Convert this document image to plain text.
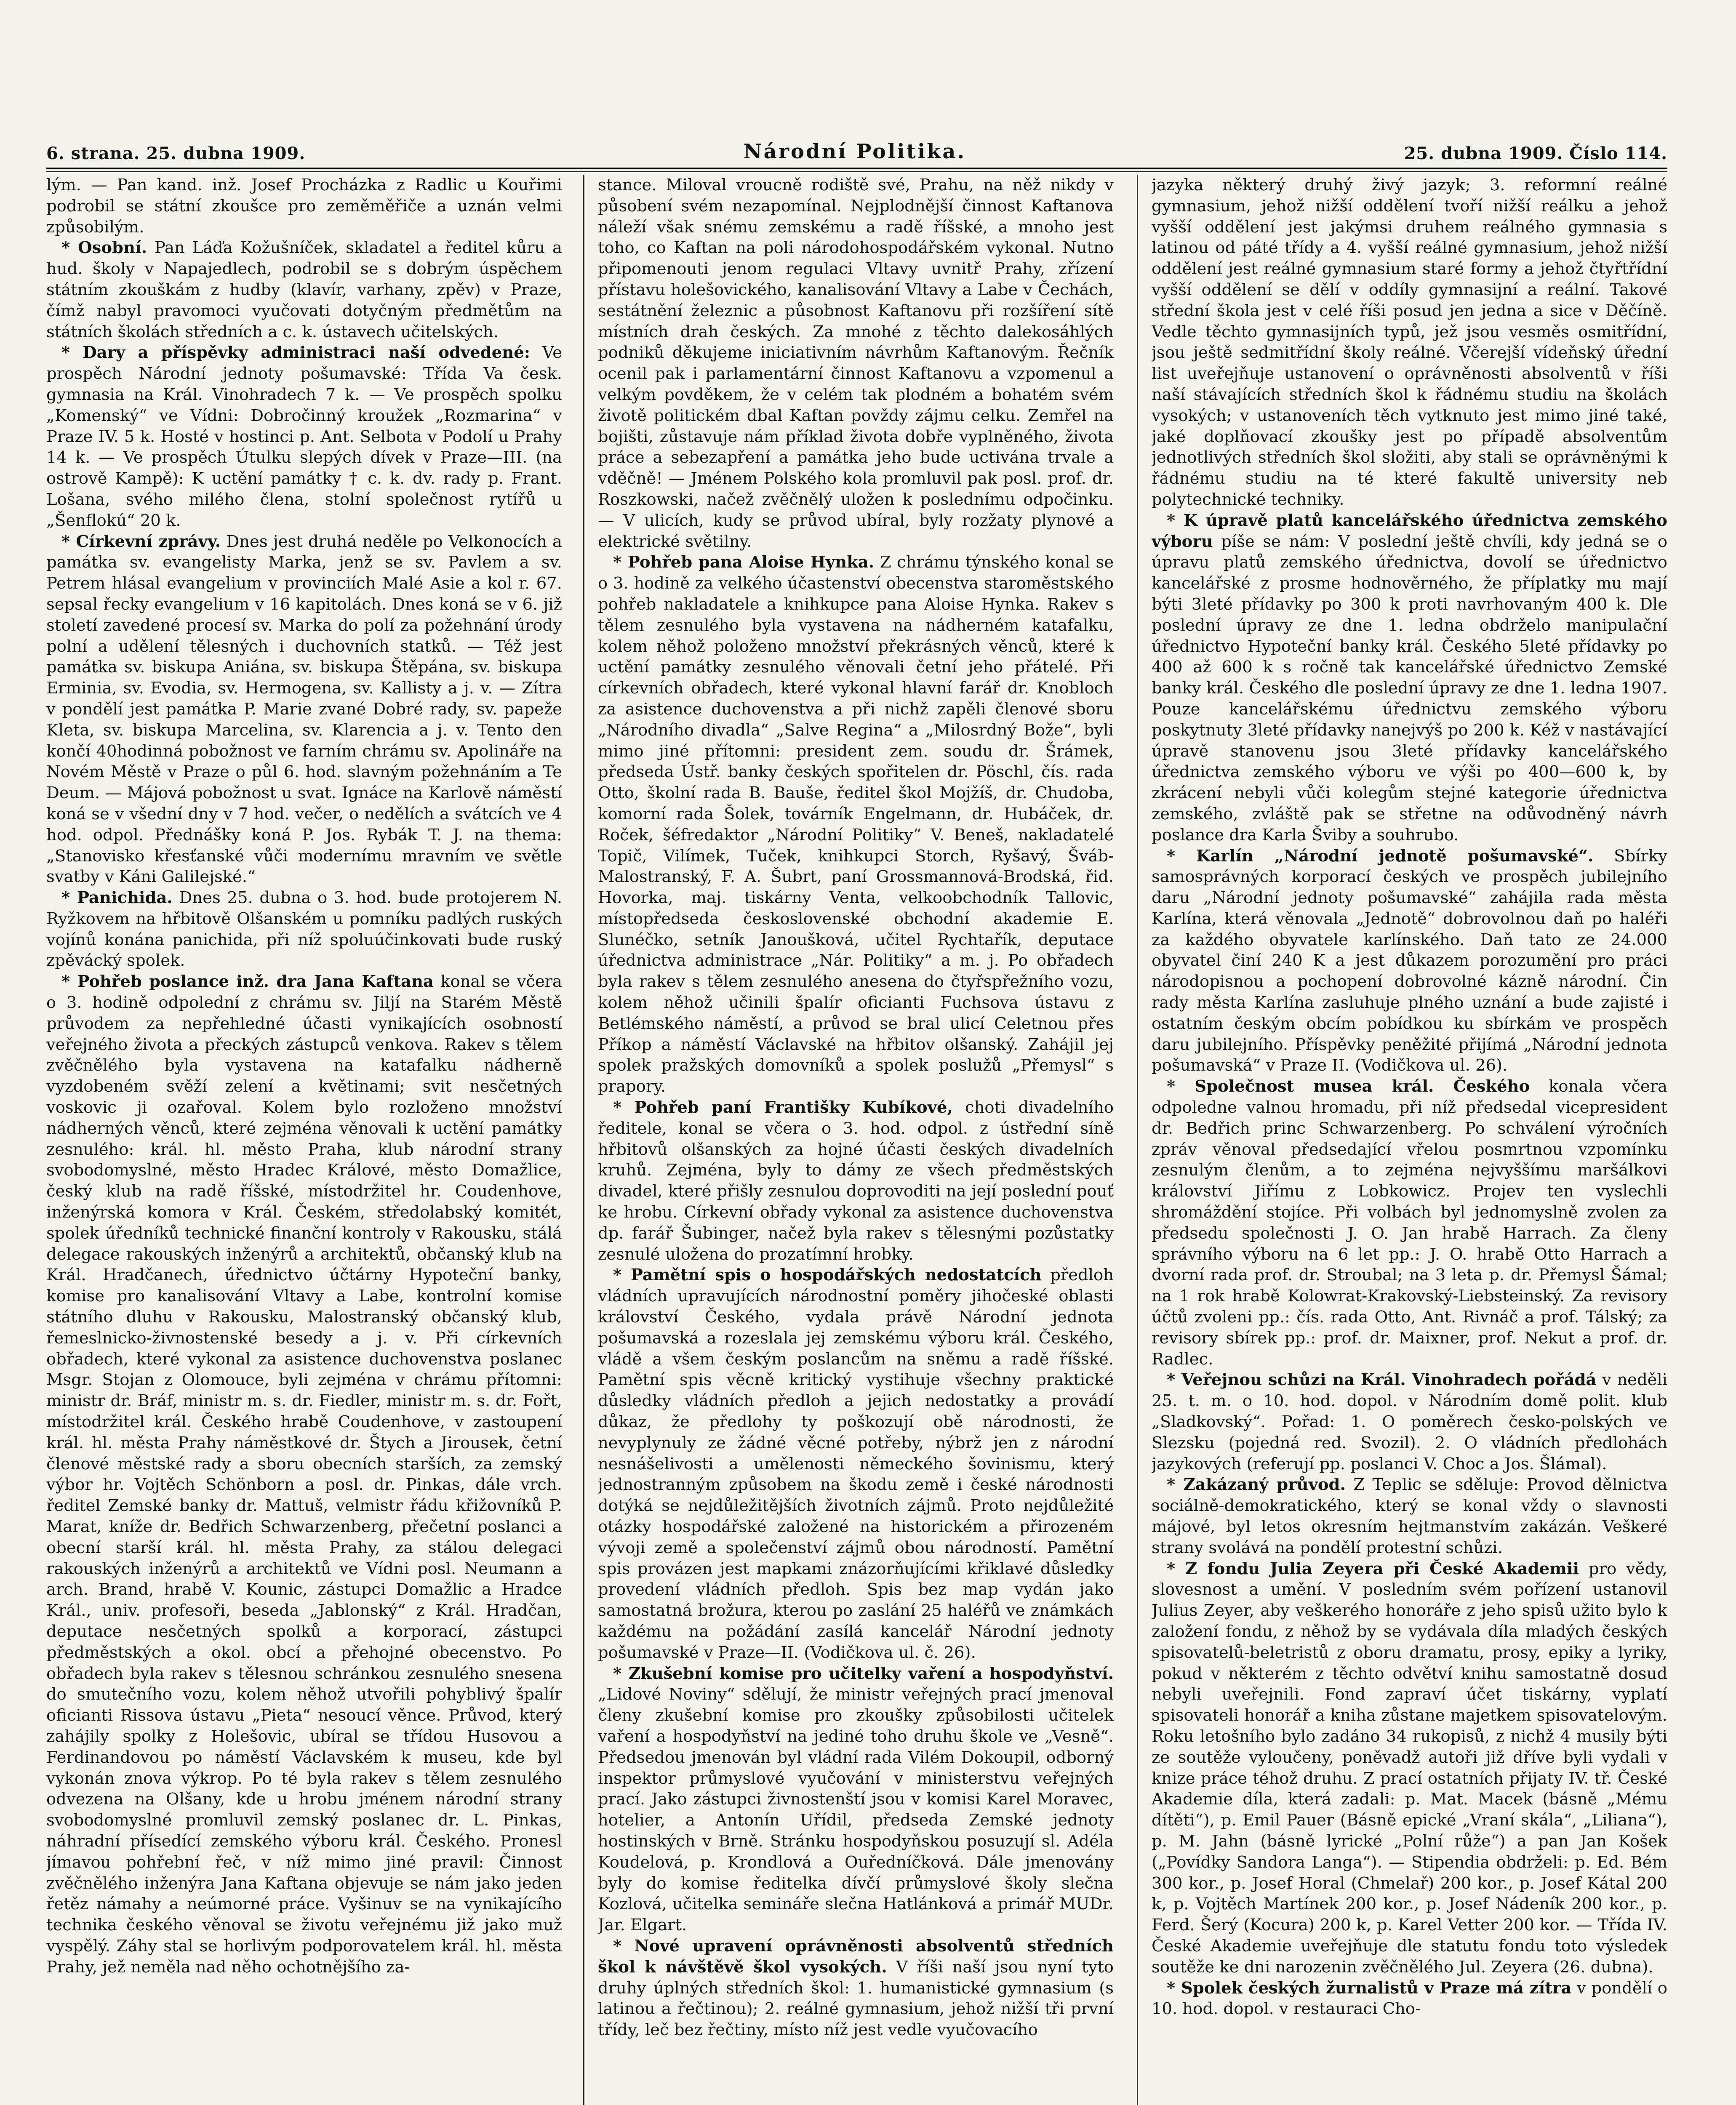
6. strana. 25. dubna 1909.	Národní Politika.	25. dubna 1909. Číslo 114.

lým. — Pan kand. inž. Josef Procházka z Radlic u Kouřimi podrobil se státní zkoušce pro zeměměřiče a uznán velmi způsobilým.

* Osobní. Pan Láďa Kožušníček, skladatel a ředitel kůru a hud. školy v Napajedlech, podrobil se s dobrým úspěchem státním zkouškám z hudby (klavír, varhany, zpěv) v Praze, čímž nabyl pravomoci vyučovati dotyčným předmětům na státních školách středních a c. k. ústavech učitelských.

* Dary a příspěvky administraci naší odvedené: Ve prospěch Národní jednoty pošumavské: Třída Va česk. gymnasia na Král. Vinohradech 7 k. — Ve prospěch spolku „Komenský“ ve Vídni: Dobročinný kroužek „Rozmarina“ v Praze IV. 5 k. Hosté v hostinci p. Ant. Selbota v Podolí u Prahy 14 k. — Ve prospěch Útulku slepých dívek v Praze—III. (na ostrově Kampě): K uctění památky † c. k. dv. rady p. Frant. Lošana, svého milého člena, stolní společnost rytířů u „Šenflokú“ 20 k.

* Církevní zprávy. Dnes jest druhá neděle po Velkonocích a památka sv. evangelisty Marka, jenž se sv. Pavlem a sv. Petrem hlásal evangelium v provinciích Malé Asie a kol r. 67. sepsal řecky evangelium v 16 kapitolách. Dnes koná se v 6. již století zavedené procesí sv. Marka do polí za požehnání úrody polní a udělení tělesných i duchovních statků. — Též jest památka sv. biskupa Aniána, sv. biskupa Štěpána, sv. biskupa Erminia, sv. Evodia, sv. Hermogena, sv. Kallisty a j. v. — Zítra v pondělí jest památka P. Marie zvané Dobré rady, sv. papeže Kleta, sv. biskupa Marcelina, sv. Klarencia a j. v. Tento den končí 40hodinná pobožnost ve farním chrámu sv. Apolináře na Novém Městě v Praze o půl 6. hod. slavným požehnáním a Te Deum. — Májová pobožnost u svat. Ignáce na Karlově náměstí koná se v všední dny v 7 hod. večer, o nedělích a svátcích ve 4 hod. odpol. Přednášky koná P. Jos. Rybák T. J. na thema: „Stanovisko křesťanské vůči modernímu mravním ve světle svatby v Káni Galilejské.“

* Panichida. Dnes 25. dubna o 3. hod. bude protojerem N. Ryžkovem na hřbitově Olšanském u pomníku padlých ruských vojínů konána panichida, při níž spoluúčinkovati bude ruský zpěvácký spolek.

* Pohřeb poslance inž. dra Jana Kaftana konal se včera o 3. hodině odpolední z chrámu sv. Jiljí na Starém Městě průvodem za nepřehledné účasti vynikajících osobností veřejného života a přeckých zástupců venkova. Rakev s tělem zvěčnělého byla vystavena na katafalku nádherně vyzdobeném svěží zelení a květinami; svit nesčetných voskovic ji ozařoval. Kolem bylo rozloženo množství nádherných věnců, které zejména věnovali k uctění památky zesnulého: král. hl. město Praha, klub národní strany svobodomyslné, město Hradec Králové, město Domažlice, český klub na radě říšské, místodržitel hr. Coudenhove, inženýrská komora v Král. Českém, středolabský komitét, spolek úředníků technické finanční kontroly v Rakousku, stálá delegace rakouských inženýrů a architektů, občanský klub na Král. Hradčanech, úřednictvo účtárny Hypoteční banky, komise pro kanalisování Vltavy a Labe, kontrolní komise státního dluhu v Rakousku, Malostranský občanský klub, řemeslnicko-živnostenské besedy a j. v. Při církevních obřadech, které vykonal za asistence duchovenstva poslanec Msgr. Stojan z Olomouce, byli zejména v chrámu přítomni: ministr dr. Bráf, ministr m. s. dr. Fiedler, ministr m. s. dr. Fořt, místodržitel král. Českého hrabě Coudenhove, v zastoupení král. hl. města Prahy náměstkové dr. Štych a Jirousek, četní členové městské rady a sboru obecních starších, za zemský výbor hr. Vojtěch Schönborn a posl. dr. Pinkas, dále vrch. ředitel Zemské banky dr. Mattuš, velmistr řádu křižovníků P. Marat, kníže dr. Bedřich Schwarzenberg, přečetní poslanci a obecní starší král. hl. města Prahy, za stálou delegaci rakouských inženýrů a architektů ve Vídni posl. Neumann a arch. Brand, hrabě V. Kounic, zástupci Domažlic a Hradce Král., univ. profesoři, beseda „Jablonský“ z Král. Hradčan, deputace nesčetných spolků a korporací, zástupci předměstských a okol. obcí a přehojné obecenstvo. Po obřadech byla rakev s tělesnou schránkou zesnulého snesena do smutečního vozu, kolem něhož utvořili pohyblivý špalír oficianti Rissova ústavu „Pieta“ nesoucí věnce. Průvod, který zahájily spolky z Holešovic, ubíral se třídou Husovou a Ferdinandovou po náměstí Václavském k museu, kde byl vykonán znova výkrop. Po té byla rakev s tělem zesnulého odvezena na Olšany, kde u hrobu jménem národní strany svobodomyslné promluvil zemský poslanec dr. L. Pinkas, náhradní přísedící zemského výboru král. Českého. Pronesl jímavou pohřební řeč, v níž mimo jiné pravil: Činnost zvěčnělého inženýra Jana Kaftana objevuje se nám jako jeden řetěz námahy a neúmorné práce. Vyšinuv se na vynikajícího technika českého věnoval se životu veřejnému již jako muž vyspělý. Záhy stal se horlivým podporovatelem král. hl. města Prahy, jež neměla nad něho ochotnějšího za-

stance. Miloval vroucně rodiště své, Prahu, na něž nikdy v působení svém nezapomínal. Nejplodnější činnost Kaftanova náleží však snému zemskému a radě říšské, a mnoho jest toho, co Kaftan na poli národohospodářském vykonal. Nutno připomenouti jenom regulaci Vltavy uvnitř Prahy, zřízení přístavu holešovického, kanalisování Vltavy a Labe v Čechách, sestátnění železnic a působnost Kaftanovu při rozšíření sítě místních drah českých. Za mnohé z těchto dalekosáhlých podniků děkujeme iniciativním návrhům Kaftanovým. Řečník ocenil pak i parlamentární činnost Kaftanovu a vzpomenul a velkým povděkem, že v celém tak plodném a bohatém svém životě politickém dbal Kaftan povždy zájmu celku. Zemřel na bojišti, zůstavuje nám příklad života dobře vyplněného, života práce a sebezapření a památka jeho bude uctivána trvale a vděčně! — Jménem Polského kola promluvil pak posl. prof. dr. Roszkowski, načež zvěčnělý uložen k poslednímu odpočinku. — V ulicích, kudy se průvod ubíral, byly rozžaty plynové a elektrické světilny.

* Pohřeb pana Aloise Hynka. Z chrámu týnského konal se o 3. hodině za velkého účastenství obecenstva staroměstského pohřeb nakladatele a knihkupce pana Aloise Hynka. Rakev s tělem zesnulého byla vystavena na nádherném katafalku, kolem něhož položeno množství překrásných věnců, které k uctění památky zesnulého věnovali četní jeho přátelé. Při církevních obřadech, které vykonal hlavní farář dr. Knobloch za asistence duchovenstva a při nichž zapěli členové sboru „Národního divadla“ „Salve Regina“ a „Milosrdný Bože“, byli mimo jiné přítomni: president zem. soudu dr. Šrámek, předseda Ústř. banky českých spořitelen dr. Pöschl, čís. rada Otto, školní rada B. Bauše, ředitel škol Mojžíš, dr. Chudoba, komorní rada Šolek, továrník Engelmann, dr. Hubáček, dr. Roček, šéfredaktor „Národní Politiky“ V. Beneš, nakladatelé Topič, Vilímek, Tuček, knihkupci Storch, Ryšavý, Šváb-Malostranský, F. A. Šubrt, paní Grossmannová-Brodská, řid. Hovorka, maj. tiskárny Venta, velkoobchodník Tallovic, místopředseda československé obchodní akademie E. Slunéčko, setník Janoušková, učitel Rychtařík, deputace úřednictva administrace „Nár. Politiky“ a m. j. Po obřadech byla rakev s tělem zesnulého anesena do čtyřspřežního vozu, kolem něhož učinili špalír oficianti Fuchsova ústavu z Betlémského náměstí, a průvod se bral ulicí Celetnou přes Příkop a náměstí Václavské na hřbitov olšanský. Zahájil jej spolek pražských domovníků a spolek poslužů „Přemysl“ s prapory.

* Pohřeb paní Františky Kubíkové, choti divadelního ředitele, konal se včera o 3. hod. odpol. z ústřední síně hřbitovů olšanských za hojné účasti českých divadelních kruhů. Zejména, byly to dámy ze všech předměstských divadel, které přišly zesnulou doprovoditi na její poslední pouť ke hrobu. Církevní obřady vykonal za asistence duchovenstva dp. farář Šubinger, načež byla rakev s tělesnými pozůstatky zesnulé uložena do prozatímní hrobky.

* Pamětní spis o hospodářských nedostatcích předloh vládních upravujících národnostní poměry jihočeské oblasti království Českého, vydala právě Národní jednota pošumavská a rozeslala jej zemskému výboru král. Českého, vládě a všem českým poslancům na sněmu a radě říšské. Pamětní spis věcně kritický vystihuje všechny praktické důsledky vládních předloh a jejich nedostatky a provádí důkaz, že předlohy ty poškozují obě národnosti, že nevyplynuly ze žádné věcné potřeby, nýbrž jen z národní nesnášelivosti a umělenosti německého šovinismu, který jednostranným způsobem na škodu země i české národnosti dotýká se nejdůležitějších životních zájmů. Proto nejdůležité otázky hospodářské založené na historickém a přirozeném vývoji země a společenství zájmů obou národností. Pamětní spis provázen jest mapkami znázorňujícími křiklavé důsledky provedení vládních předloh. Spis bez map vydán jako samostatná brožura, kterou po zaslání 25 haléřů ve známkách každému na požádání zasílá kancelář Národní jednoty pošumavské v Praze—II. (Vodičkova ul. č. 26).

* Zkušební komise pro učitelky vaření a hospodyňství. „Lidové Noviny“ sdělují, že ministr veřejných prací jmenoval členy zkušební komise pro zkoušky způsobilosti učitelek vaření a hospodyňství na jediné toho druhu škole ve „Vesně“. Předsedou jmenován byl vládní rada Vilém Dokoupil, odborný inspektor průmyslové vyučování v ministerstvu veřejných prací. Jako zástupci živnostenští jsou v komisi Karel Moravec, hotelier, a Antonín Uřídil, předseda Zemské jednoty hostinských v Brně. Stránku hospodyňskou posuzují sl. Adéla Koudelová, p. Krondlová a Ouředníčková. Dále jmenovány byly do komise ředitelka dívčí průmyslové školy slečna Kozlová, učitelka semináře slečna Hatlánková a primář MUDr. Jar. Elgart.

* Nové upravení oprávněnosti absolventů středních škol k návštěvě škol vysokých. V říši naší jsou nyní tyto druhy úplných středních škol: 1. humanistické gymnasium (s latinou a řečtinou); 2. reálné gymnasium, jehož nižší tři první třídy, leč bez řečtiny, místo níž jest vedle vyučovacího

jazyka některý druhý živý jazyk; 3. reformní reálné gymnasium, jehož nižší oddělení tvoří nižší reálku a jehož vyšší oddělení jest jakýmsi druhem reálného gymnasia s latinou od páté třídy a 4. vyšší reálné gymnasium, jehož nižší oddělení jest reálné gymnasium staré formy a jehož čtyřtřídní vyšší oddělení se dělí v oddíly gymnasijní a reální. Takové střední škola jest v celé říši posud jen jedna a sice v Děčíně. Vedle těchto gymnasijních typů, jež jsou vesměs osmitřídní, jsou ještě sedmitřídní školy reálné. Včerejší vídeňský úřední list uveřejňuje ustanovení o oprávněnosti absolventů v říši naší stávajících středních škol k řádnému studiu na školách vysokých; v ustanoveních těch vytknuto jest mimo jiné také, jaké doplňovací zkoušky jest po případě absolventům jednotlivých středních škol složiti, aby stali se oprávněnými k řádnému studiu na té které fakultě university neb polytechnické techniky.

* K úpravě platů kancelářského úřednictva zemského výboru píše se nám: V poslední ještě chvíli, kdy jedná se o úpravu platů zemského úřednictva, dovolí se úřednictvo kancelářské z prosme hodnověrného, že příplatky mu mají býti 3leté přídavky po 300 k proti navrhovaným 400 k. Dle poslední úpravy ze dne 1. ledna obdrželo manipulační úřednictvo Hypoteční banky král. Českého 5leté přídavky po 400 až 600 k s ročně tak kancelářské úřednictvo Zemské banky král. Českého dle poslední úpravy ze dne 1. ledna 1907. Pouze kancelářskému úřednictvu zemského výboru poskytnuty 3leté přídavky nanejvýš po 200 k. Kéž v nastávající úpravě stanovenu jsou 3leté přídavky kancelářského úřednictva zemského výboru ve výši po 400—600 k, by zkrácení nebyli vůči kolegům stejné kategorie úřednictva zemského, zvláště pak se střetne na odůvodněný návrh poslance dra Karla Šviby a souhrubo.

* Karlín „Národní jednotě pošumavské“. Sbírky samosprávných korporací českých ve prospěch jubilejního daru „Národní jednoty pošumavské“ zahájila rada města Karlína, která věnovala „Jednotě“ dobrovolnou daň po haléři za každého obyvatele karlínského. Daň tato ze 24.000 obyvatel činí 240 K a jest důkazem porozumění pro práci národopisnou a pochopení dobrovolné kázně národní. Čin rady města Karlína zasluhuje plného uznání a bude zajisté i ostatním českým obcím pobídkou ku sbírkám ve prospěch daru jubilejního. Příspěvky peněžité přijímá „Národní jednota pošumavská“ v Praze II. (Vodičkova ul. 26).

* Společnost musea král. Českého konala včera odpoledne valnou hromadu, při níž předsedal vicepresident dr. Bedřich princ Schwarzenberg. Po schválení výročních zpráv věnoval předsedající vřelou posmrtnou vzpomínku zesnulým členům, a to zejména nejvyššímu maršálkovi království Jiřímu z Lobkowicz. Projev ten vyslechli shromáždění stojíce. Při volbách byl jednomyslně zvolen za předsedu společnosti J. O. Jan hrabě Harrach. Za členy správního výboru na 6 let pp.: J. O. hrabě Otto Harrach a dvorní rada prof. dr. Stroubal; na 3 leta p. dr. Přemysl Šámal; na 1 rok hrabě Kolowrat-Krakovský-Liebsteinský. Za revisory účtů zvoleni pp.: čís. rada Otto, Ant. Rivnáč a prof. Tálský; za revisory sbírek pp.: prof. dr. Maixner, prof. Nekut a prof. dr. Radlec.

* Veřejnou schůzi na Král. Vinohradech pořádá v neděli 25. t. m. o 10. hod. dopol. v Národním domě polit. klub „Sladkovský“. Pořad: 1. O poměrech česko-polských ve Slezsku (pojedná red. Svozil). 2. O vládních předlohách jazykových (referují pp. poslanci V. Choc a Jos. Šlámal).

* Zakázaný průvod. Z Teplic se sděluje: Provod dělnictva sociálně-demokratického, který se konal vždy o slavnosti májové, byl letos okresním hejtmanstvím zakázán. Veškeré strany svolává na pondělí protestní schůzi.

* Z fondu Julia Zeyera při České Akademii pro vědy, slovesnost a umění. V posledním svém pořízení ustanovil Julius Zeyer, aby veškerého honoráře z jeho spisů užito bylo k založení fondu, z něhož by se vydávala díla mladých českých spisovatelů-beletristů z oboru dramatu, prosy, epiky a lyriky, pokud v některém z těchto odvětví knihu samostatně dosud nebyli uveřejnili. Fond zapraví účet tiskárny, vyplatí spisovateli honorář a kniha zůstane majetkem spisovatelovým. Roku letošního bylo zadáno 34 rukopisů, z nichž 4 musily býti ze soutěže vyloučeny, poněvadž autoři již dříve byli vydali v knize práce téhož druhu. Z prací ostatních přijaty IV. tř. České Akademie díla, která zadali: p. Mat. Macek (básně „Mému dítěti“), p. Emil Pauer (Básně epické „Vraní skála“, „Liliana“), p. M. Jahn (básně lyrické „Polní růže“) a pan Jan Košek („Povídky Sandora Langa“). — Stipendia obdrželi: p. Ed. Bém 300 kor., p. Josef Horal (Chmelař) 200 kor., p. Josef Kátal 200 k, p. Vojtěch Martínek 200 kor., p. Josef Nádeník 200 kor., p. Ferd. Šerý (Kocura) 200 k, p. Karel Vetter 200 kor. — Třída IV. České Akademie uveřejňuje dle statutu fondu toto výsledek soutěže ke dni narozenin zvěčnělého Jul. Zeyera (26. dubna).

* Spolek českých žurnalistů v Praze má zítra v pondělí o 10. hod. dopol. v restauraci Cho-
